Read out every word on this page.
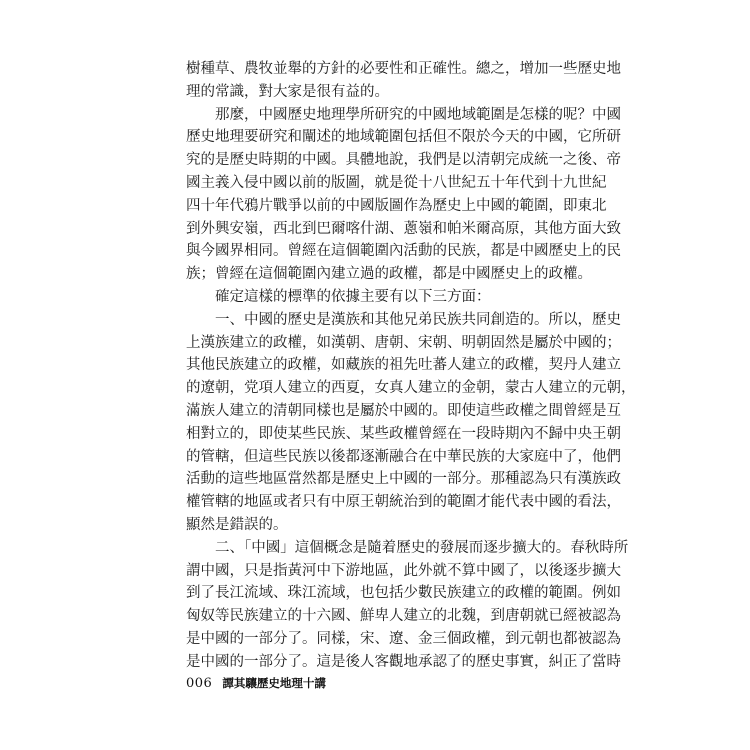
樹種草、農牧並舉的方針的必要性和正確性。總之，增加一些歷史地
理的常識，對大家是很有益的。
那麼，中國歷史地理學所研究的中國地域範圍是怎樣的呢？中國
歷史地理要研究和闡述的地域範圍包括但不限於今天的中國，它所研
究的是歷史時期的中國。具體地說，我們是以清朝完成統一之後、帝
國主義入侵中國以前的版圖，就是從十八世紀五十年代到十九世紀
四十年代鴉片戰爭以前的中國版圖作為歷史上中國的範圍，即東北
到外興安嶺，西北到巴爾喀什湖、蔥嶺和帕米爾高原，其他方面大致
與今國界相同。曾經在這個範圍內活動的民族，都是中國歷史上的民
族；曾經在這個範圍內建立過的政權，都是中國歷史上的政權。
確定這樣的標準的依據主要有以下三方面：
一、中國的歷史是漢族和其他兄弟民族共同創造的。所以，歷史
上漢族建立的政權，如漢朝、唐朝、宋朝、明朝固然是屬於中國的；
其他民族建立的政權，如藏族的祖先吐蕃人建立的政權，契丹人建立
的遼朝，党項人建立的西夏，女真人建立的金朝，蒙古人建立的元朝，
滿族人建立的清朝同樣也是屬於中國的。即使這些政權之間曾經是互
相對立的，即使某些民族、某些政權曾經在一段時期內不歸中央王朝
的管轄，但這些民族以後都逐漸融合在中華民族的大家庭中了，他們
活動的這些地區當然都是歷史上中國的一部分。那種認為只有漢族政
權管轄的地區或者只有中原王朝統治到的範圍才能代表中國的看法，
顯然是錯誤的。
二、「中國」這個概念是隨着歷史的發展而逐步擴大的。春秋時所
謂中國，只是指黃河中下游地區，此外就不算中國了，以後逐步擴大
到了長江流域、珠江流域，也包括少數民族建立的政權的範圍。例如
匈奴等民族建立的十六國、鮮卑人建立的北魏，到唐朝就已經被認為
是中國的一部分了。同樣，宋、遼、金三個政權，到元朝也都被認為
是中國的一部分了。這是後人客觀地承認了的歷史事實，糾正了當時
006 譚其驤歷史地理十講
